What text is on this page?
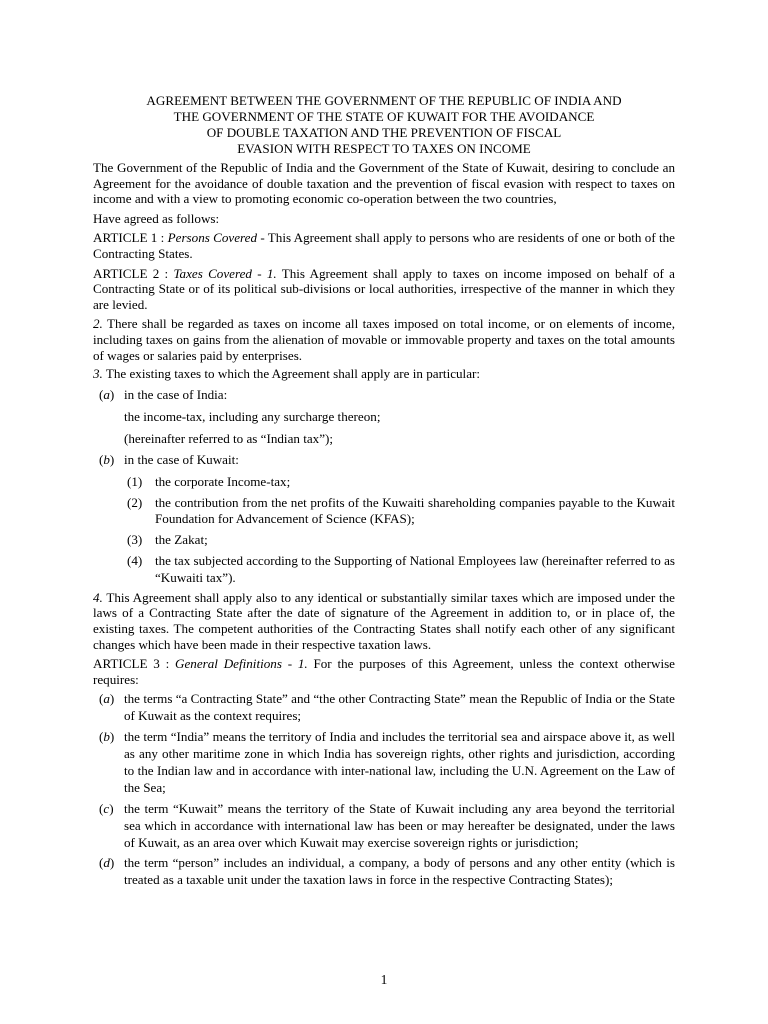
AGREEMENT BETWEEN THE GOVERNMENT OF THE REPUBLIC OF INDIA AND
THE GOVERNMENT OF THE STATE OF KUWAIT FOR THE AVOIDANCE
OF DOUBLE TAXATION AND THE PREVENTION OF FISCAL
EVASION WITH RESPECT TO TAXES ON INCOME

The Government of the Republic of India and the Government of the State of Kuwait, desiring to conclude an Agreement for the avoidance of double taxation and the prevention of fiscal evasion with respect to taxes on income and with a view to promoting economic co-operation between the two countries,

Have agreed as follows:

ARTICLE 1 : Persons Covered - This Agreement shall apply to persons who are residents of one or both of the Contracting States.

ARTICLE 2 : Taxes Covered - 1. This Agreement shall apply to taxes on income imposed on behalf of a Contracting State or of its political sub-divisions or local authorities, irrespective of the manner in which they are levied.

2. There shall be regarded as taxes on income all taxes imposed on total income, or on elements of income, including taxes on gains from the alienation of movable or immovable property and taxes on the total amounts of wages or salaries paid by enterprises.

3. The existing taxes to which the Agreement shall apply are in particular:

(a) in the case of India:
the income-tax, including any surcharge thereon;
(hereinafter referred to as “Indian tax”);
(b) in the case of Kuwait:
(1) the corporate Income-tax;
(2) the contribution from the net profits of the Kuwaiti shareholding companies payable to the Kuwait Foundation for Advancement of Science (KFAS);
(3) the Zakat;
(4) the tax subjected according to the Supporting of National Employees law (hereinafter referred to as “Kuwaiti tax”).

4. This Agreement shall apply also to any identical or substantially similar taxes which are imposed under the laws of a Contracting State after the date of signature of the Agreement in addition to, or in place of, the existing taxes. The competent authorities of the Contracting States shall notify each other of any significant changes which have been made in their respective taxation laws.

ARTICLE 3 : General Definitions - 1. For the purposes of this Agreement, unless the context otherwise requires:

(a) the terms “a Contracting State” and “the other Contracting State” mean the Republic of India or the State of Kuwait as the context requires;
(b) the term “India” means the territory of India and includes the territorial sea and airspace above it, as well as any other maritime zone in which India has sovereign rights, other rights and jurisdiction, according to the Indian law and in accordance with inter-national law, including the U.N. Agreement on the Law of the Sea;
(c) the term “Kuwait” means the territory of the State of Kuwait including any area beyond the territorial sea which in accordance with international law has been or may hereafter be designated, under the laws of Kuwait, as an area over which Kuwait may exercise sovereign rights or jurisdiction;
(d) the term “person” includes an individual, a company, a body of persons and any other entity (which is treated as a taxable unit under the taxation laws in force in the respective Contracting States);
1
